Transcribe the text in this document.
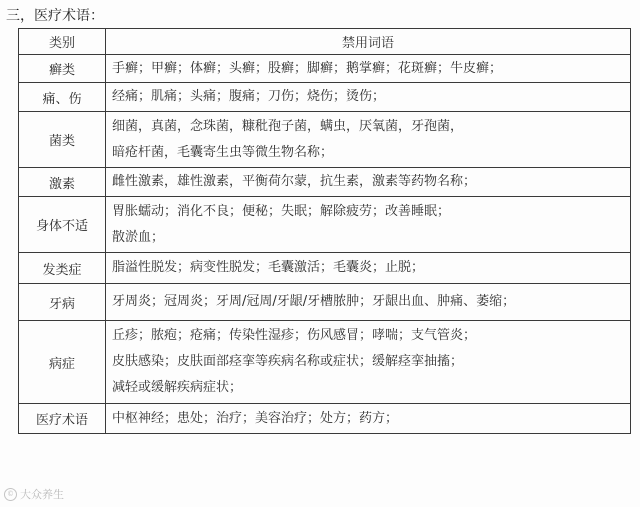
三，医疗术语：
类别	禁用词语
癣类	手癣；甲癣；体癣；头癣；股癣；脚癣；鹅掌癣；花斑癣；牛皮癣；

痛、伤	经痛；肌痛；头痛；腹痛；刀伤；烧伤；烫伤；

菌类	细菌，真菌，念珠菌，糠秕孢子菌，螨虫，厌氧菌，牙孢菌，
暗疮杆菌，毛囊寄生虫等微生物名称；

激素	雌性激素，雄性激素，平衡荷尔蒙，抗生素，激素等药物名称；

身体不适	胃胀蠕动；消化不良；便秘；失眠；解除疲劳；改善睡眠；
散淤血；

发类症	脂溢性脱发；病变性脱发；毛囊激活；毛囊炎；止脱；

牙病	牙周炎；冠周炎；牙周/冠周/牙龈/牙槽脓肿；牙龈出血、肿痛、萎缩；

病症	丘疹；脓疱；疮痛；传染性湿疹；伤风感冒；哮喘；支气管炎；
皮肤感染；皮肤面部痉挛等疾病名称或症状；缓解痉挛抽搐；
减轻或缓解疾病症状；

医疗术语	中枢神经；患处；治疗；美容治疗；处方；药方；
© 大众养生
